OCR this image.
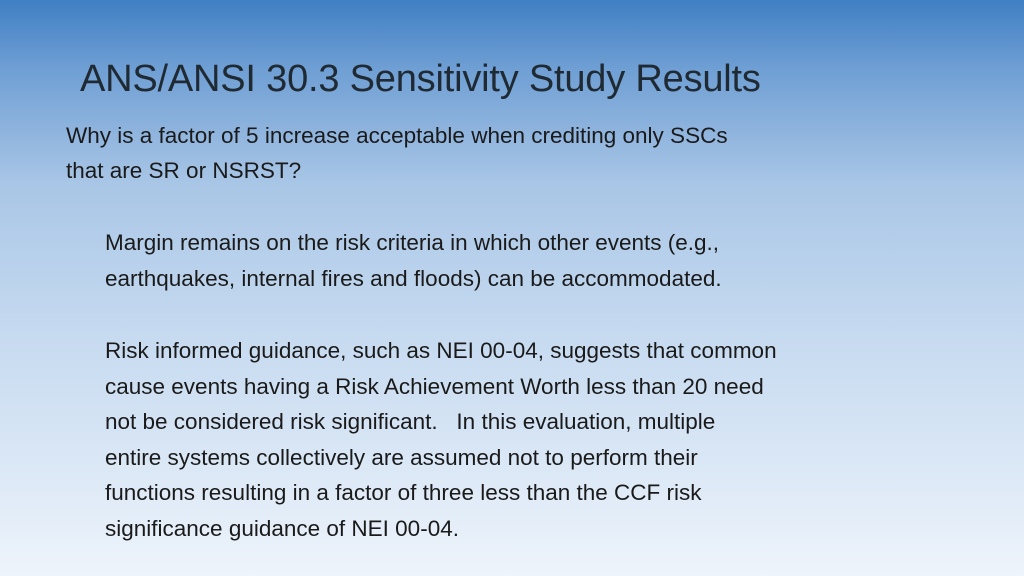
ANS/ANSI 30.3 Sensitivity Study Results
Why is a factor of 5 increase acceptable when crediting only SSCs
that are SR or NSRST?
Margin remains on the risk criteria in which other events (e.g.,
earthquakes, internal fires and floods) can be accommodated.
Risk informed guidance, such as NEI 00-04, suggests that common
cause events having a Risk Achievement Worth less than 20 need
not be considered risk significant.   In this evaluation, multiple
entire systems collectively are assumed not to perform their
functions resulting in a factor of three less than the CCF risk
significance guidance of NEI 00-04.
